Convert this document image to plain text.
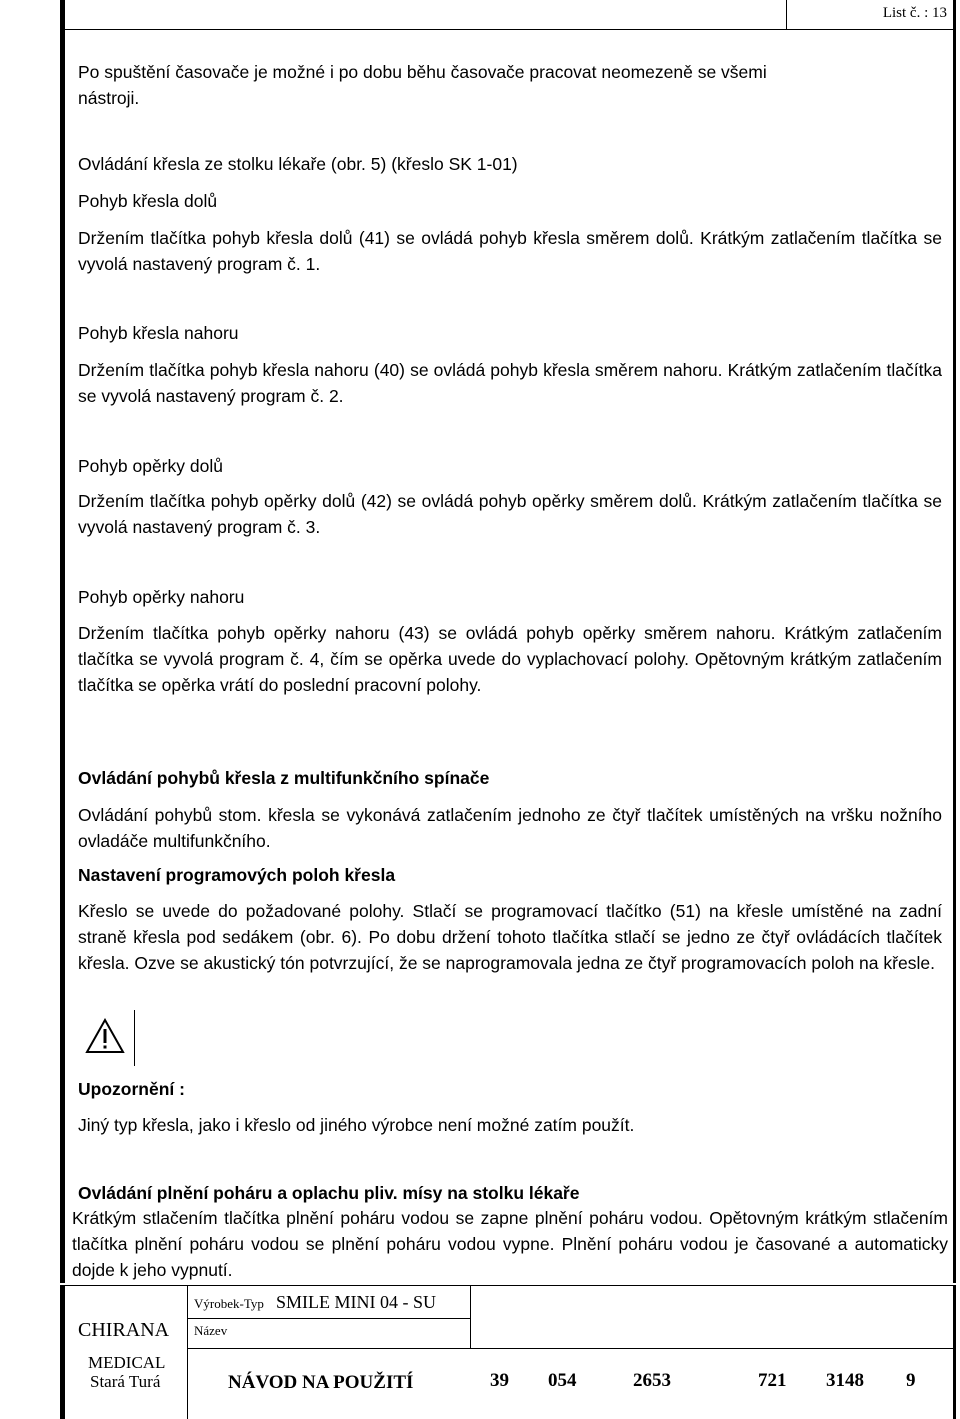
List č. : 13
Po spuštění časovače je možné i po dobu běhu časovače pracovat neomezeně se všemi
nástroji.
Ovládání křesla ze stolku lékaře (obr. 5) (křeslo SK 1-01)
Pohyb křesla dolů
Držením tlačítka pohyb křesla dolů (41) se ovládá pohyb křesla směrem dolů. Krátkým zatlačením tlačítka se vyvolá nastavený program č. 1.
Pohyb křesla nahoru
Držením tlačítka pohyb křesla nahoru (40) se ovládá pohyb křesla směrem nahoru. Krátkým zatlačením tlačítka se vyvolá nastavený program č. 2.
Pohyb opěrky dolů
Držením tlačítka pohyb opěrky dolů (42) se ovládá pohyb opěrky směrem dolů. Krátkým zatlačením tlačítka se vyvolá nastavený program č. 3.
Pohyb opěrky nahoru
Držením tlačítka pohyb opěrky nahoru (43) se ovládá pohyb opěrky směrem nahoru. Krátkým zatlačením tlačítka se vyvolá program č. 4, čím se opěrka uvede do vyplachovací polohy. Opětovným krátkým zatlačením tlačítka se opěrka vrátí do poslední pracovní polohy.
Ovládání pohybů křesla z multifunkčního spínače
Ovládání pohybů stom. křesla se vykonává zatlačením jednoho ze čtyř tlačítek umístěných na vršku nožního ovladáče multifunkčního.
Nastavení programových poloh křesla
Křeslo se uvede do požadované polohy. Stlačí se programovací tlačítko (51) na křesle umístěné na zadní straně křesla pod sedákem (obr. 6). Po dobu držení tohoto tlačítka stlačí se jedno ze čtyř ovládácích tlačítek křesla. Ozve se akustický tón potvrzující, že se naprogramovala jedna ze čtyř programovacích poloh na křesle.
Upozornění :
Jiný typ křesla, jako i křeslo od jiného výrobce není možné zatím použít.
Ovládání plnění poháru a oplachu pliv. mísy na stolku lékaře
Krátkým stlačením tlačítka plnění poháru vodou se zapne plnění poháru vodou. Opětovným krátkým stlačením tlačítka plnění poháru vodou se plnění poháru vodou vypne. Plnění poháru vodou je časované a automaticky dojde k jeho vypnutí.
CHIRANA
MEDICAL
Stará Turá
Výrobek-Typ SMILE MINI 04 - SU
Název
NÁVOD NA POUŽITÍ	39 054	2653	721 3148 9
